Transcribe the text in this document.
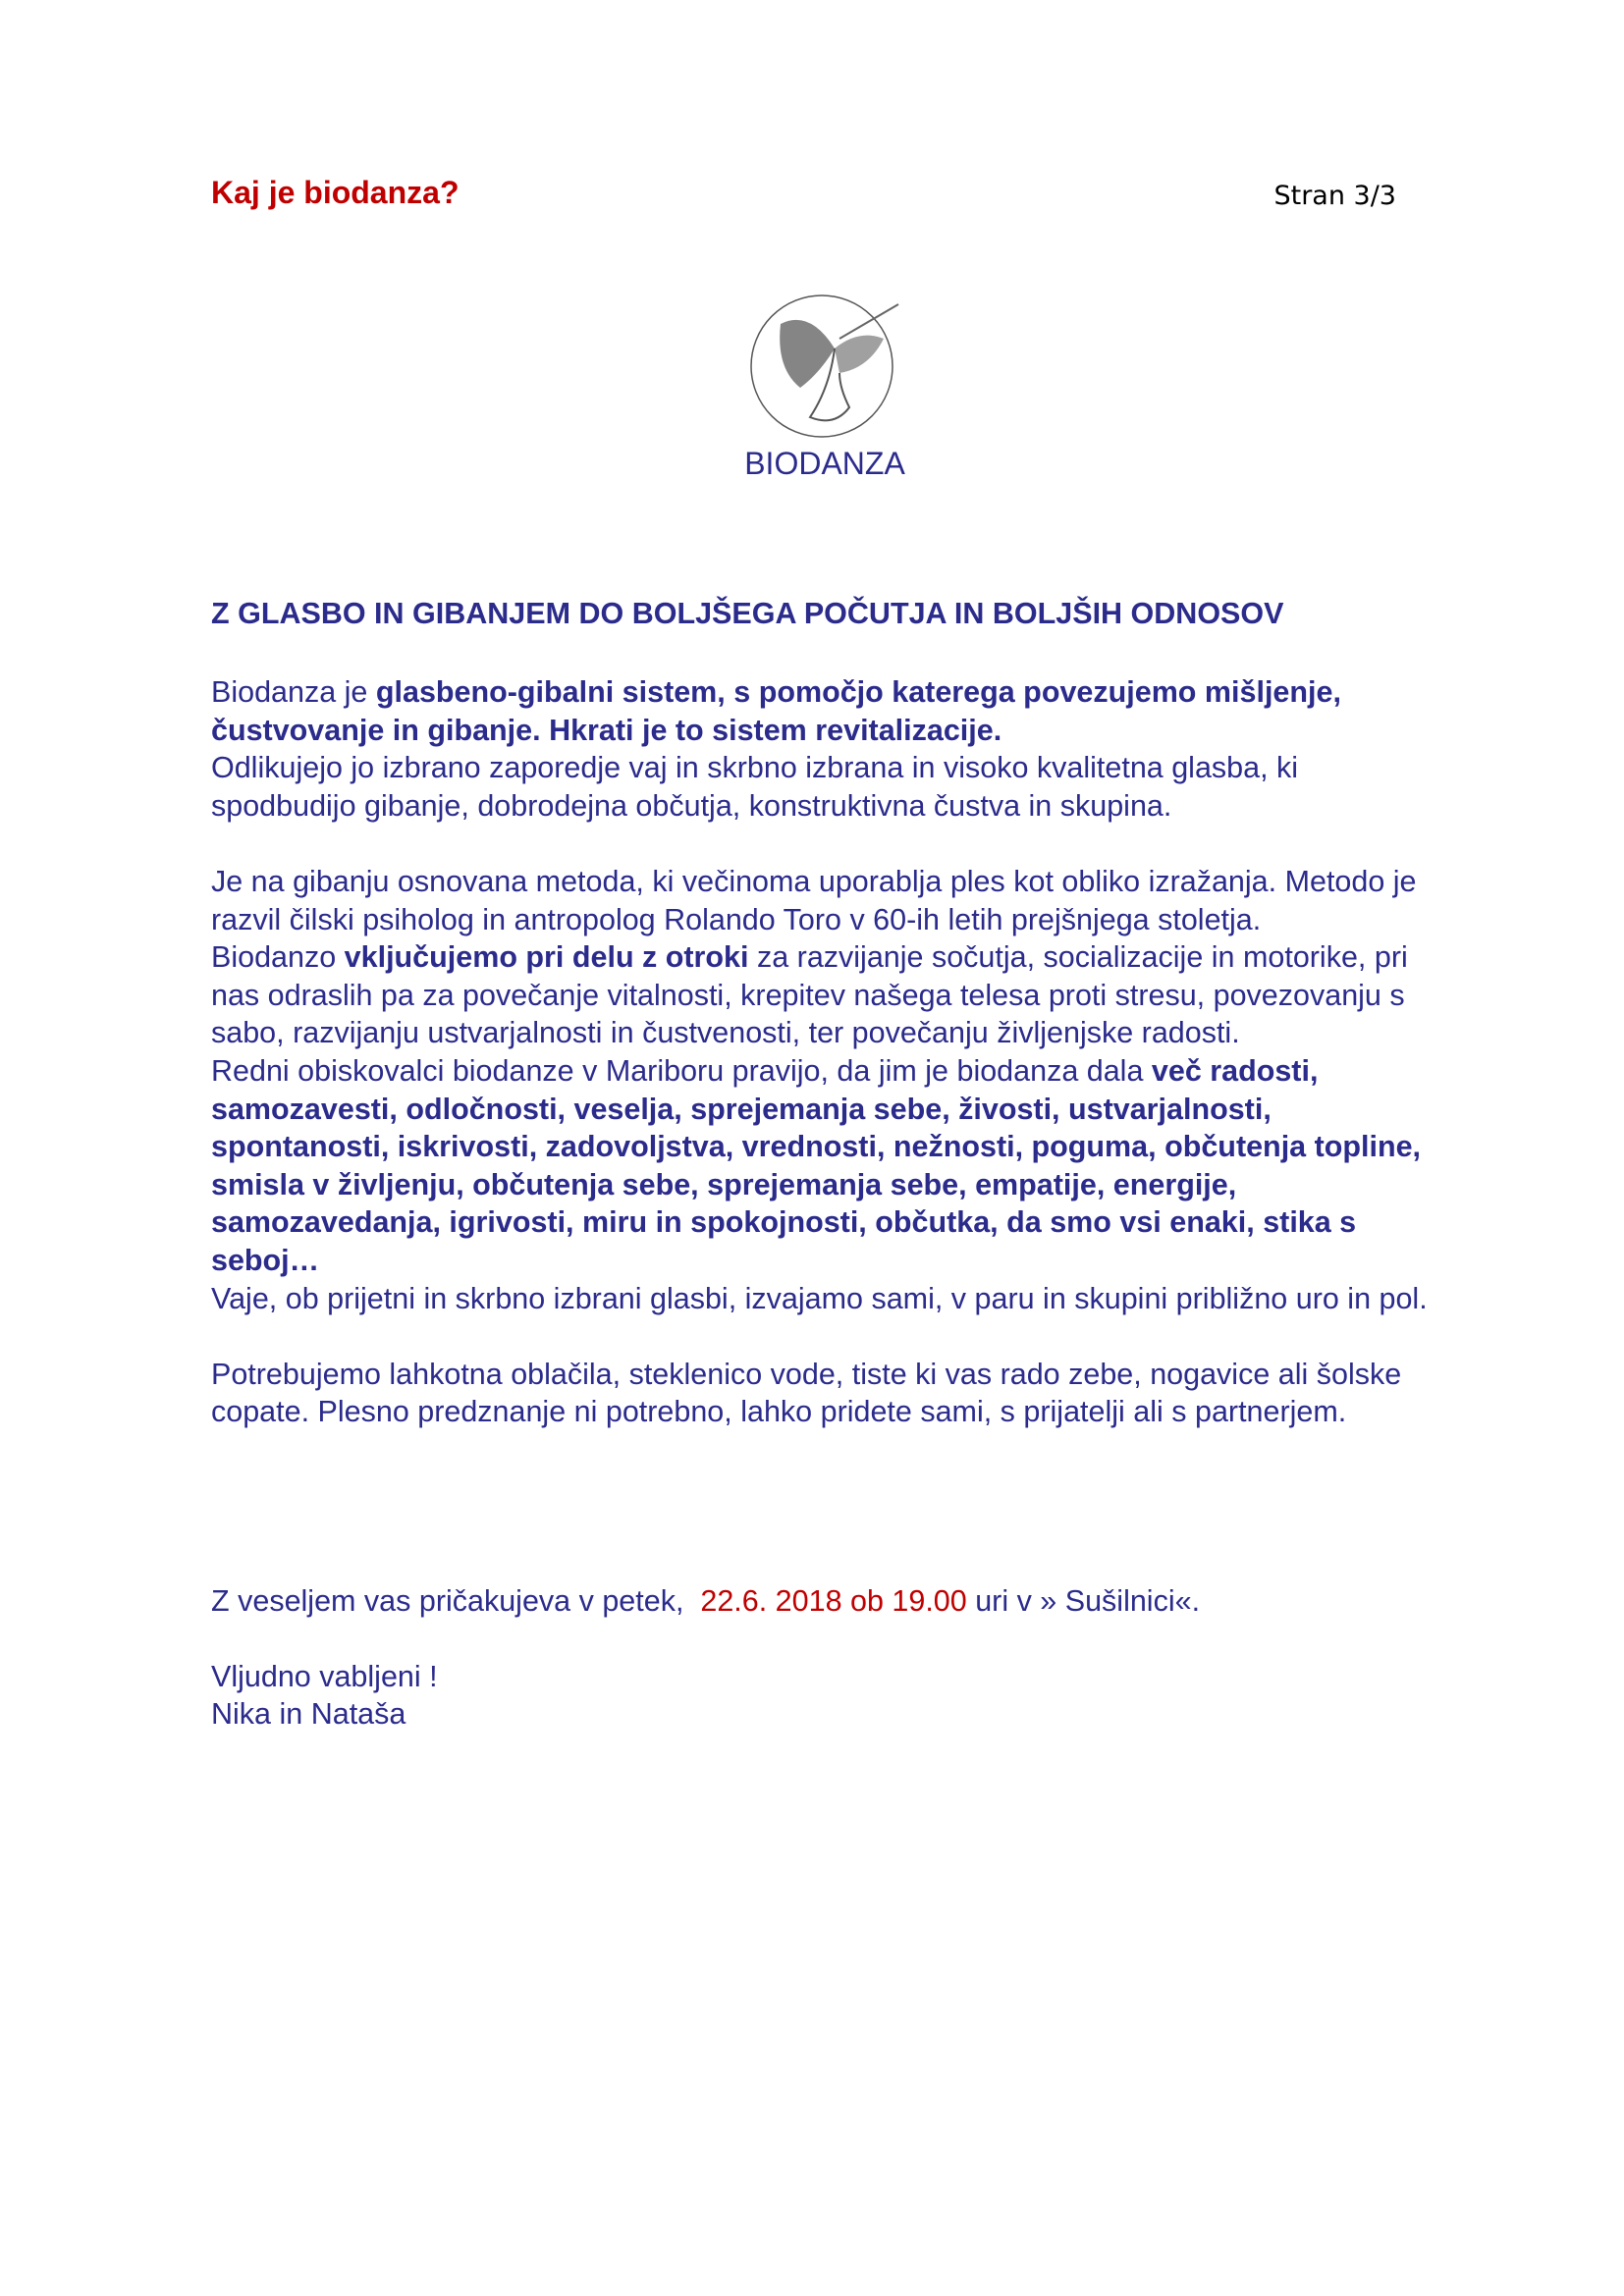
Kaj je biodanza?	Stran 3/3
BIODANZA
Z GLASBO IN GIBANJEM DO BOLJŠEGA POČUTJA IN BOLJŠIH ODNOSOV

Biodanza je glasbeno-gibalni sistem, s pomočjo katerega povezujemo mišljenje, čustvovanje in gibanje. Hkrati je to sistem revitalizacije.
Odlikujejo jo izbrano zaporedje vaj in skrbno izbrana in visoko kvalitetna glasba, ki spodbudijo gibanje, dobrodejna občutja, konstruktivna čustva in skupina.

Je na gibanju osnovana metoda, ki večinoma uporablja ples kot obliko izražanja. Metodo je razvil čilski psiholog in antropolog Rolando Toro v 60-ih letih prejšnjega stoletja.

Biodanzo vključujemo pri delu z otroki za razvijanje sočutja, socializacije in motorike, pri nas odraslih pa za povečanje vitalnosti, krepitev našega telesa proti stresu, povezovanju s sabo, razvijanju ustvarjalnosti in čustvenosti, ter povečanju življenjske radosti.

Redni obiskovalci biodanze v Mariboru pravijo, da jim je biodanza dala več radosti, samozavesti, odločnosti, veselja, sprejemanja sebe, živosti, ustvarjalnosti, spontanosti, iskrivosti, zadovoljstva, vrednosti, nežnosti, poguma, občutenja topline, smisla v življenju, občutenja sebe, sprejemanja sebe, empatije, energije, samozavedanja, igrivosti, miru in spokojnosti, občutka, da smo vsi enaki, stika s seboj…

Vaje, ob prijetni in skrbno izbrani glasbi, izvajamo sami, v paru in skupini približno uro in pol.

Potrebujemo lahkotna oblačila, steklenico vode, tiste ki vas rado zebe, nogavice ali šolske copate. Plesno predznanje ni potrebno, lahko pridete sami, s prijatelji ali s partnerjem.

Z veseljem vas pričakujeva v petek,  22.6. 2018 ob 19.00 uri v » Sušilnici«.

Vljudno vabljeni !

Nika in Nataša
